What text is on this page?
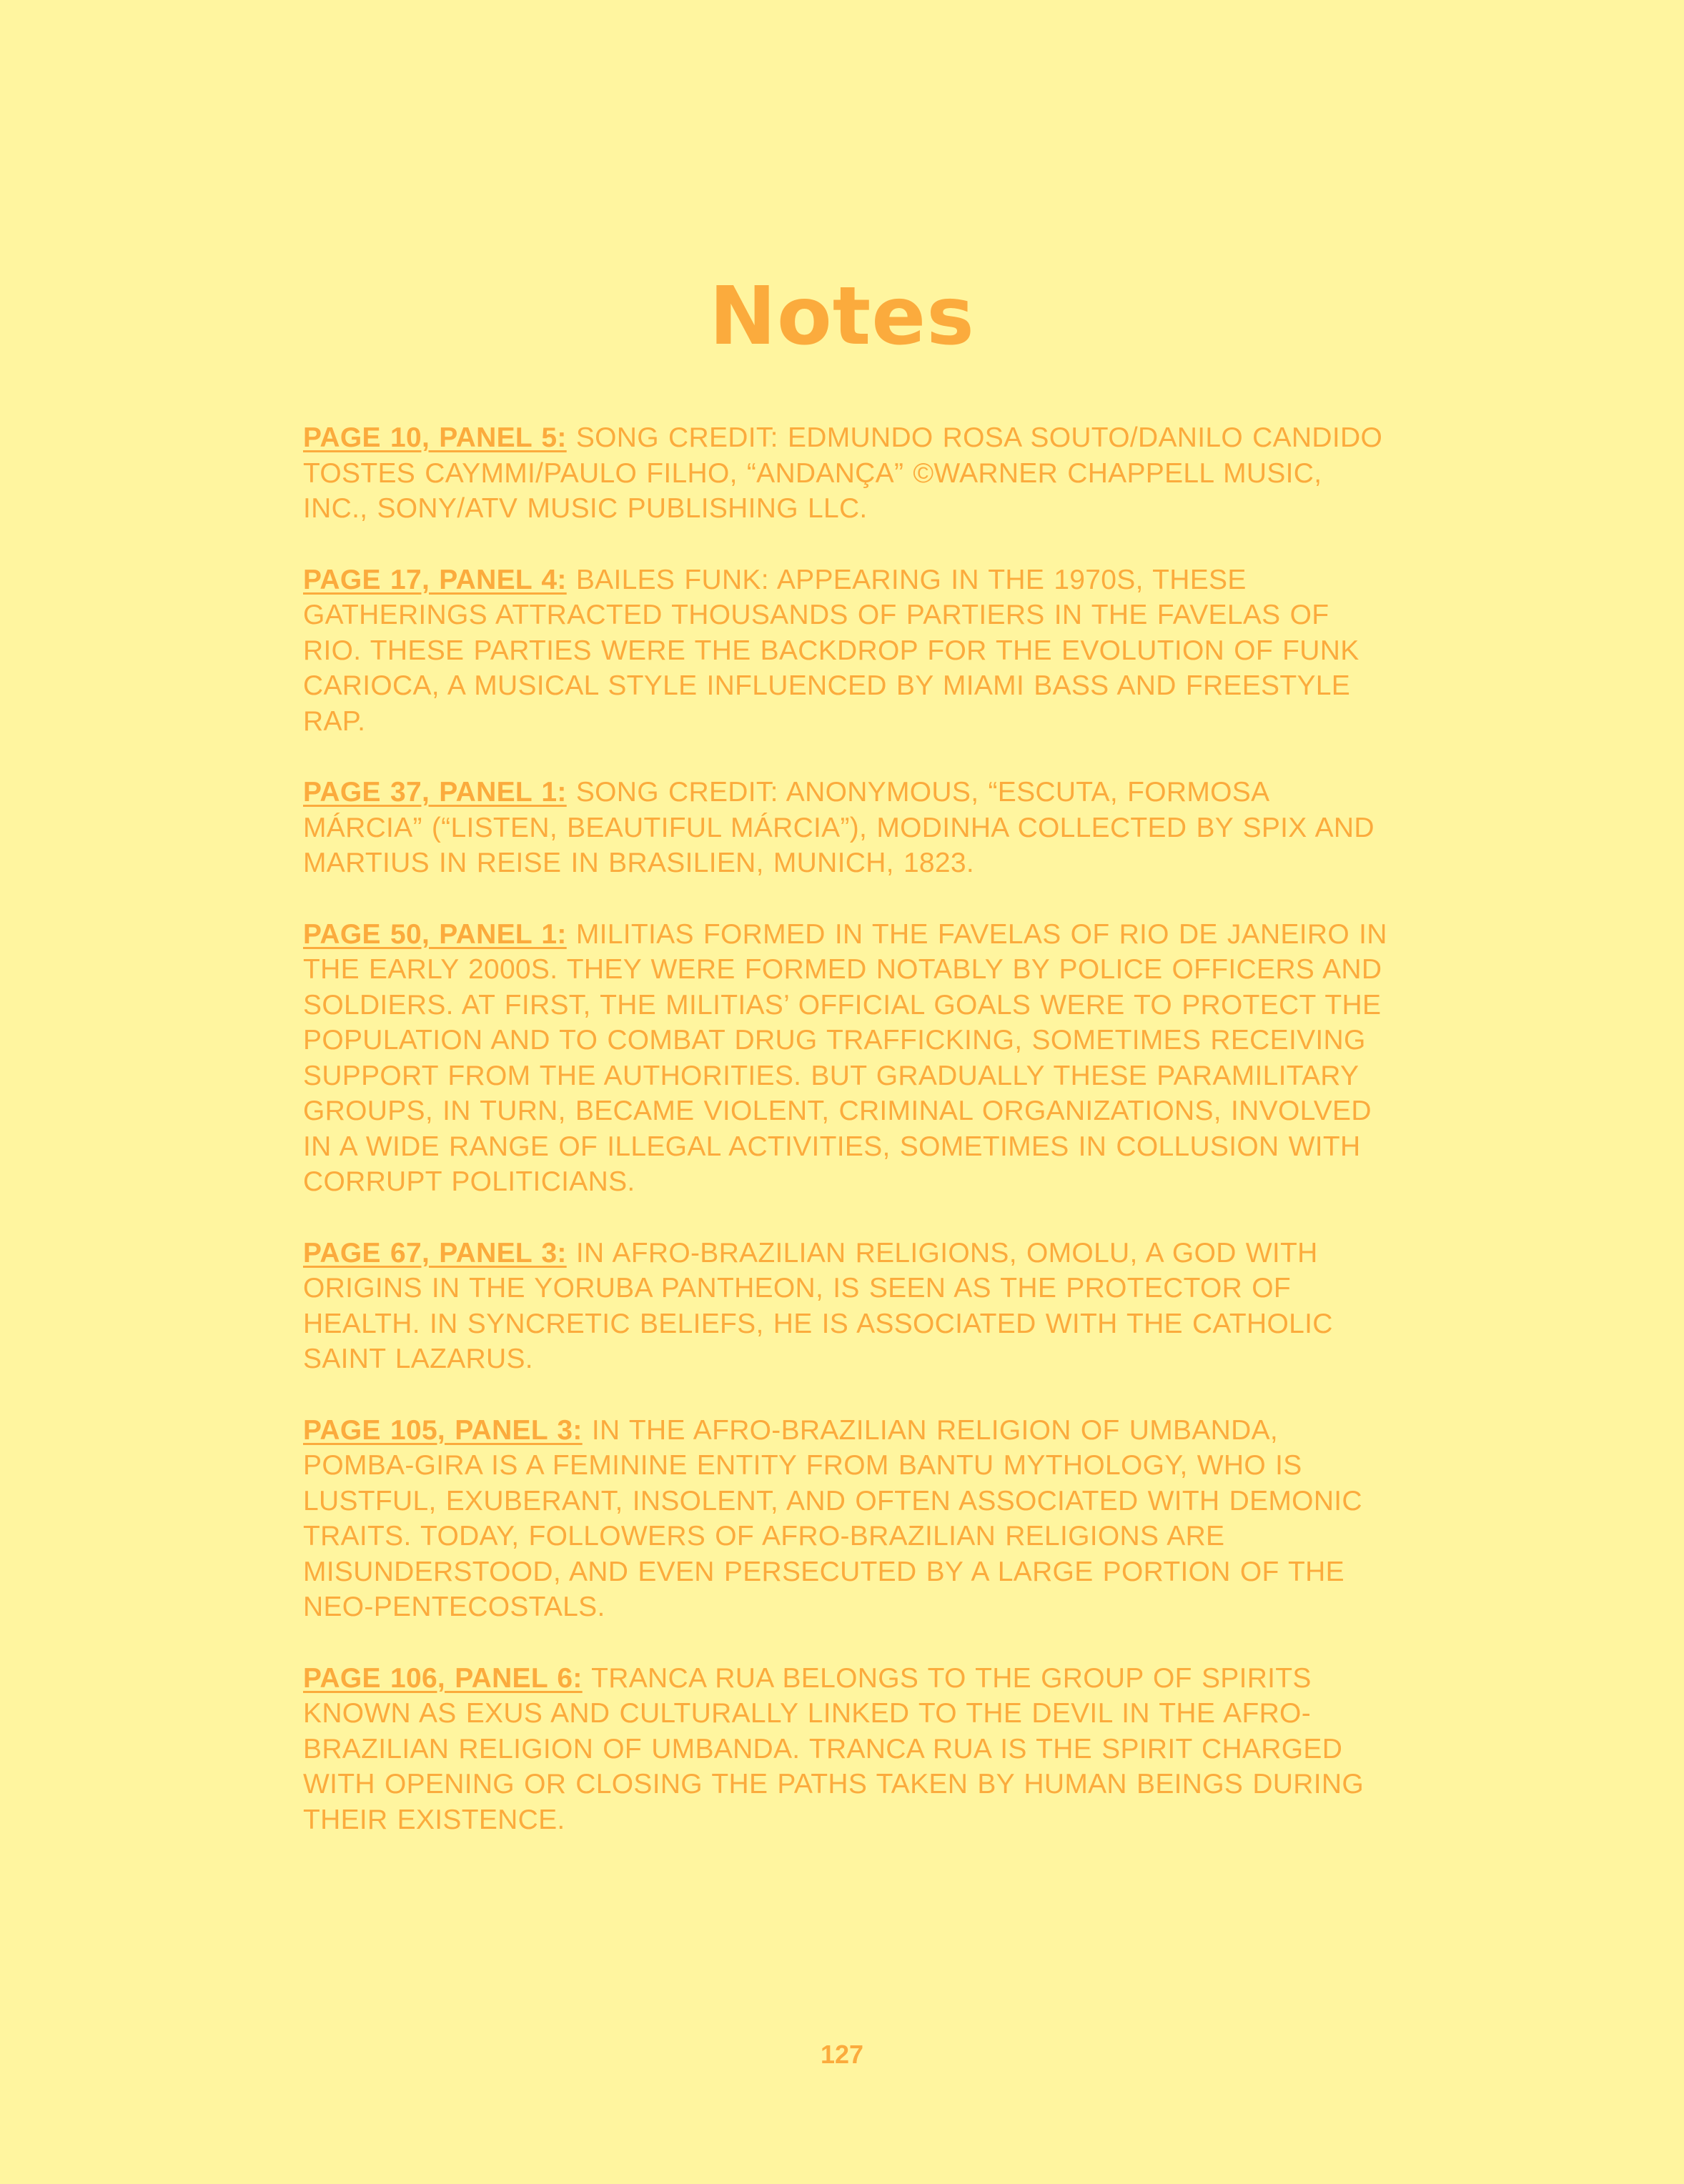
Notes

PAGE 10, PANEL 5: SONG CREDIT: EDMUNDO ROSA SOUTO/DANILO CANDIDO TOSTES CAYMMI/PAULO FILHO, “ANDANÇA” ©WARNER CHAPPELL MUSIC, INC., SONY/ATV MUSIC PUBLISHING LLC.

PAGE 17, PANEL 4: BAILES FUNK: APPEARING IN THE 1970S, THESE GATHERINGS ATTRACTED THOUSANDS OF PARTIERS IN THE FAVELAS OF RIO. THESE PARTIES WERE THE BACKDROP FOR THE EVOLUTION OF FUNK CARIOCA, A MUSICAL STYLE INFLUENCED BY MIAMI BASS AND FREESTYLE RAP.

PAGE 37, PANEL 1: SONG CREDIT: ANONYMOUS, “ESCUTA, FORMOSA MÁRCIA” (“LISTEN, BEAUTIFUL MÁRCIA”), MODINHA COLLECTED BY SPIX AND MARTIUS IN REISE IN BRASILIEN, MUNICH, 1823.

PAGE 50, PANEL 1: MILITIAS FORMED IN THE FAVELAS OF RIO DE JANEIRO IN THE EARLY 2000S. THEY WERE FORMED NOTABLY BY POLICE OFFICERS AND SOLDIERS. AT FIRST, THE MILITIAS’ OFFICIAL GOALS WERE TO PROTECT THE POPULATION AND TO COMBAT DRUG TRAFFICKING, SOMETIMES RECEIVING SUPPORT FROM THE AUTHORITIES. BUT GRADUALLY THESE PARAMILITARY GROUPS, IN TURN, BECAME VIOLENT, CRIMINAL ORGANIZATIONS, INVOLVED IN A WIDE RANGE OF ILLEGAL ACTIVITIES, SOMETIMES IN COLLUSION WITH CORRUPT POLITICIANS.

PAGE 67, PANEL 3: IN AFRO-BRAZILIAN RELIGIONS, OMOLU, A GOD WITH ORIGINS IN THE YORUBA PANTHEON, IS SEEN AS THE PROTECTOR OF HEALTH. IN SYNCRETIC BELIEFS, HE IS ASSOCIATED WITH THE CATHOLIC SAINT LAZARUS.

PAGE 105, PANEL 3: IN THE AFRO-BRAZILIAN RELIGION OF UMBANDA, POMBA-GIRA IS A FEMININE ENTITY FROM BANTU MYTHOLOGY, WHO IS LUSTFUL, EXUBERANT, INSOLENT, AND OFTEN ASSOCIATED WITH DEMONIC TRAITS. TODAY, FOLLOWERS OF AFRO-BRAZILIAN RELIGIONS ARE MISUNDERSTOOD, AND EVEN PERSECUTED BY A LARGE PORTION OF THE NEO-PENTECOSTALS.

PAGE 106, PANEL 6: TRANCA RUA BELONGS TO THE GROUP OF SPIRITS KNOWN AS EXUS AND CULTURALLY LINKED TO THE DEVIL IN THE AFRO-BRAZILIAN RELIGION OF UMBANDA. TRANCA RUA IS THE SPIRIT CHARGED WITH OPENING OR CLOSING THE PATHS TAKEN BY HUMAN BEINGS DURING THEIR EXISTENCE.

127
